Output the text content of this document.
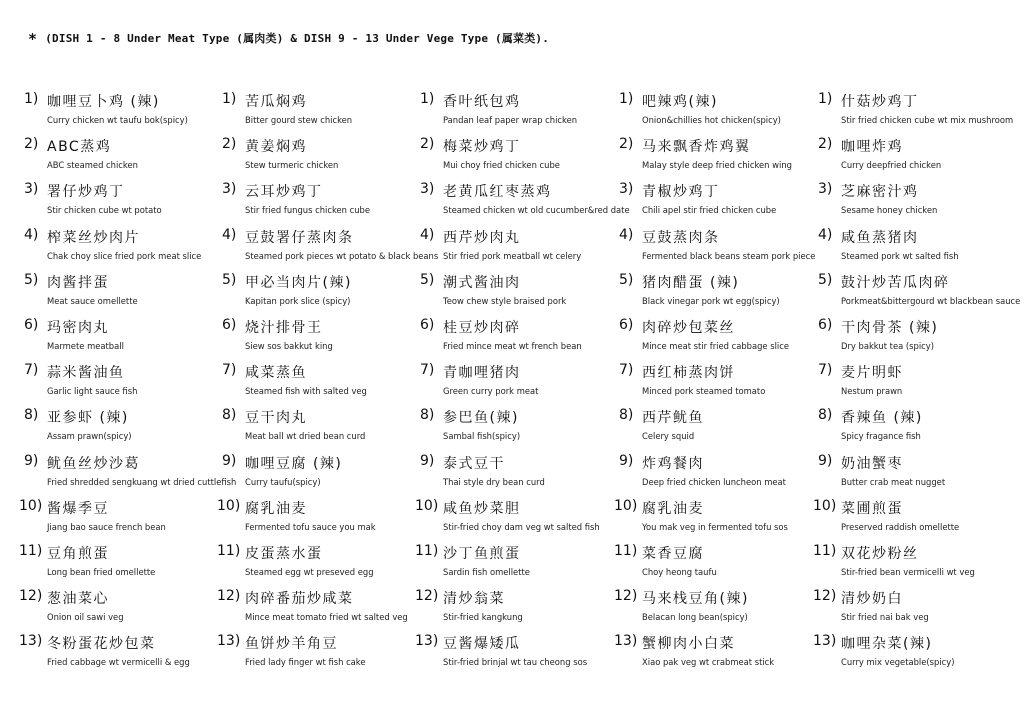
* (DISH 1 - 8 Under Meat Type (属肉类) & DISH 9 - 13 Under Vege Type (属菜类).
1) 咖哩豆卜鸡 (辣)
Curry chicken wt taufu bok(spicy)
2) ABC蒸鸡
ABC steamed chicken
3) 署仔炒鸡丁
Stir chicken cube wt potato
4) 榨菜丝炒肉片
Chak choy slice fried pork meat slice
5) 肉酱拌蛋
Meat sauce omellette
6) 玛密肉丸
Marmete meatball
7) 蒜米酱油鱼
Garlic light sauce fish
8) 亚参虾 (辣)
Assam prawn(spicy)
9) 鱿鱼丝炒沙葛
Fried shredded sengkuang wt dried cuttlefish
10) 酱爆季豆
Jiang bao sauce french bean
11) 豆角煎蛋
Long bean fried omellette
12) 葱油菜心
Onion oil sawi veg
13) 冬粉蛋花炒包菜
Fried cabbage wt vermicelli & egg
1) 苦瓜焖鸡
Bitter gourd stew chicken
2) 黄姜焖鸡
Stew turmeric chicken
3) 云耳炒鸡丁
Stir fried fungus chicken cube
4) 豆鼓署仔蒸肉条
Steamed pork pieces wt potato & black beans
5) 甲必当肉片(辣)
Kapitan pork slice (spicy)
6) 烧汁排骨王
Siew sos bakkut king
7) 咸菜蒸鱼
Steamed fish with salted veg
8) 豆干肉丸
Meat ball wt dried bean curd
9) 咖哩豆腐 (辣)
Curry taufu(spicy)
10) 腐乳油麦
Fermented tofu sauce you mak
11) 皮蛋蒸水蛋
Steamed egg wt preseved egg
12) 肉碎番茄炒咸菜
Mince meat tomato fried wt salted veg
13) 鱼饼炒羊角豆
Fried lady finger wt fish cake
1) 香叶纸包鸡
Pandan leaf paper wrap chicken
2) 梅菜炒鸡丁
Mui choy fried chicken cube
3) 老黄瓜红枣蒸鸡
Steamed chicken wt old cucumber&red date
4) 西芹炒肉丸
Stir fried pork meatball wt celery
5) 潮式酱油肉
Teow chew style braised pork
6) 桂豆炒肉碎
Fried mince meat wt french bean
7) 青咖哩猪肉
Green curry pork meat
8) 参巴鱼(辣)
Sambal fish(spicy)
9) 泰式豆干
Thai style dry bean curd
10) 咸鱼炒菜胆
Stir-fried choy dam veg wt salted fish
11) 沙丁鱼煎蛋
Sardin fish omellette
12) 清炒翁菜
Stir-fried kangkung
13) 豆酱爆矮瓜
Stir-fried brinjal wt tau cheong sos
1) 吧辣鸡(辣)
Onion&chillies hot chicken(spicy)
2) 马来飘香炸鸡翼
Malay style deep fried chicken wing
3) 青椒炒鸡丁
Chili apel stir fried chicken cube
4) 豆鼓蒸肉条
Fermented black beans steam pork piece
5) 猪肉醋蛋 (辣)
Black vinegar pork wt egg(spicy)
6) 肉碎炒包菜丝
Mince meat stir fried cabbage slice
7) 西红柿蒸肉饼
Minced pork steamed tomato
8) 西芹鱿鱼
Celery squid
9) 炸鸡餐肉
Deep fried chicken luncheon meat
10) 腐乳油麦
You mak veg in fermented tofu sos
11) 菜香豆腐
Choy heong taufu
12) 马来栈豆角(辣)
Belacan long bean(spicy)
13) 蟹柳肉小白菜
Xiao pak veg wt crabmeat stick
1) 什菇炒鸡丁
Stir fried chicken cube wt mix mushroom
2) 咖哩炸鸡
Curry deepfried chicken
3) 芝麻密汁鸡
Sesame honey chicken
4) 咸鱼蒸猪肉
Steamed pork wt salted fish
5) 鼓汁炒苦瓜肉碎
Porkmeat&bittergourd wt blackbean sauce
6) 干肉骨茶 (辣)
Dry bakkut tea (spicy)
7) 麦片明虾
Nestum prawn
8) 香辣鱼 (辣)
Spicy fragance fish
9) 奶油蟹枣
Butter crab meat nugget
10) 菜圃煎蛋
Preserved raddish omellette
11) 双花炒粉丝
Stir-fried bean vermicelli wt veg
12) 清炒奶白
Stir fried nai bak veg
13) 咖哩杂菜(辣)
Curry mix vegetable(spicy)
